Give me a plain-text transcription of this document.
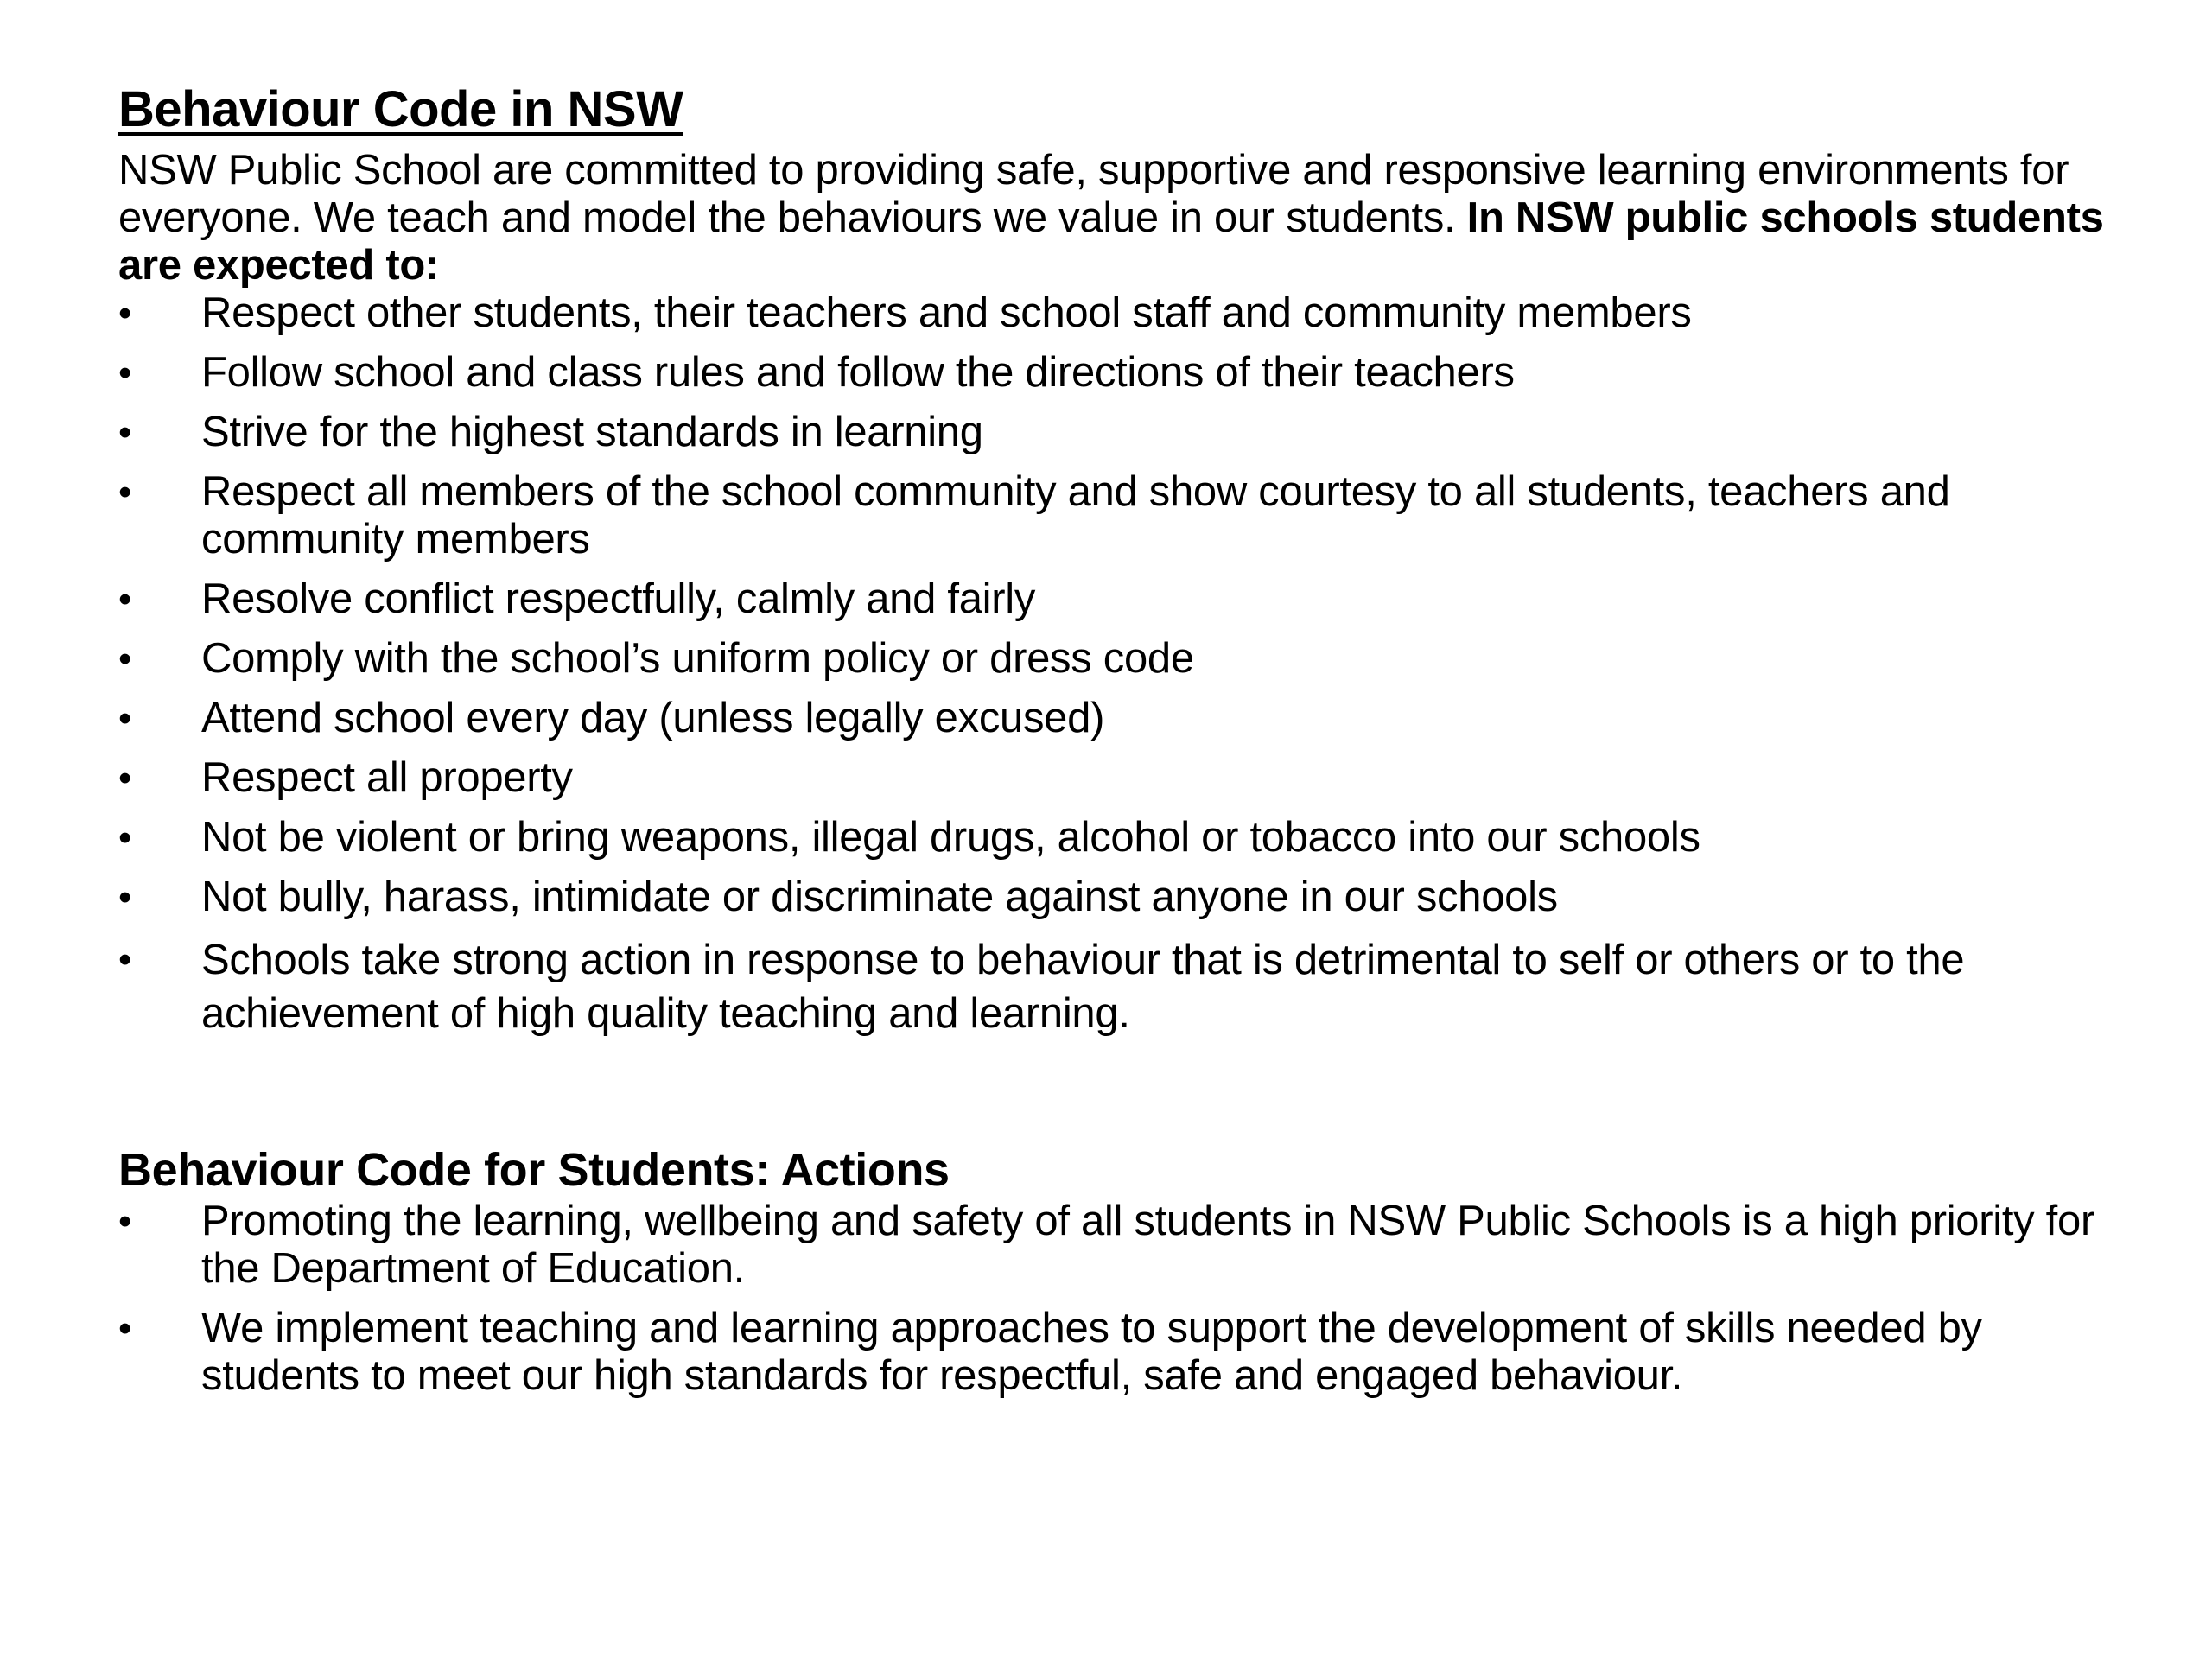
Behaviour Code in NSW

NSW Public School are committed to providing safe, supportive and responsive learning environments for everyone. We teach and model the behaviours we value in our students. In NSW public schools students are expected to:

•	Respect other students, their teachers and school staff and community members
•	Follow school and class rules and follow the directions of their teachers
•	Strive for the highest standards in learning
•	Respect all members of the school community and show courtesy to all students, teachers and community members
•	Resolve conflict respectfully, calmly and fairly
•	Comply with the school’s uniform policy or dress code
•	Attend school every day (unless legally excused)
•	Respect all property
•	Not be violent or bring weapons, illegal drugs, alcohol or tobacco into our schools
•	Not bully, harass, intimidate or discriminate against anyone in our schools
•	Schools take strong action in response to behaviour that is detrimental to self or others or to the achievement of high quality teaching and learning.
Behaviour Code for Students: Actions
•	Promoting the learning, wellbeing and safety of all students in NSW Public Schools is a high priority for the Department of Education.
•	We implement teaching and learning approaches to support the development of skills needed by students to meet our high standards for respectful, safe and engaged behaviour.
